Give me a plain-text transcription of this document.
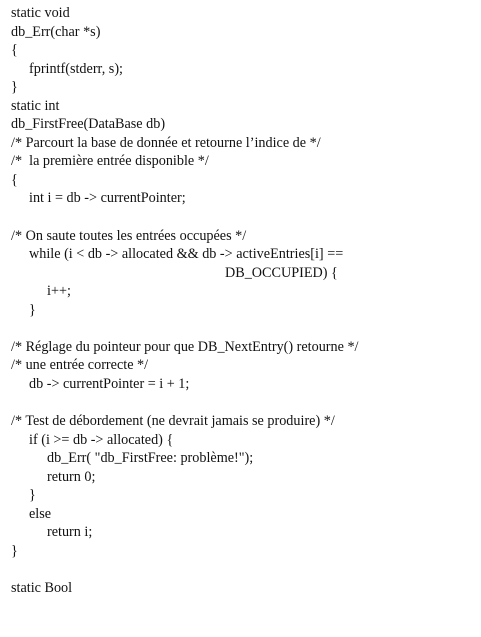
static void
db_Err(char *s)
{
fprintf(stderr, s);
}
static int
db_FirstFree(DataBase db)
/* Parcourt la base de donnée et retourne l’indice de */
/*  la première entrée disponible */
{
int i = db -> currentPointer;
/* On saute toutes les entrées occupées */
while (i < db -> allocated && db -> activeEntries[i] ==
DB_OCCUPIED) {
i++;
}
/* Réglage du pointeur pour que DB_NextEntry() retourne */
/* une entrée correcte */
db -> currentPointer = i + 1;
/* Test de débordement (ne devrait jamais se produire) */
if (i >= db -> allocated) {
db_Err( "db_FirstFree: problème!");
return 0;
}
else
return i;
}
static Bool
